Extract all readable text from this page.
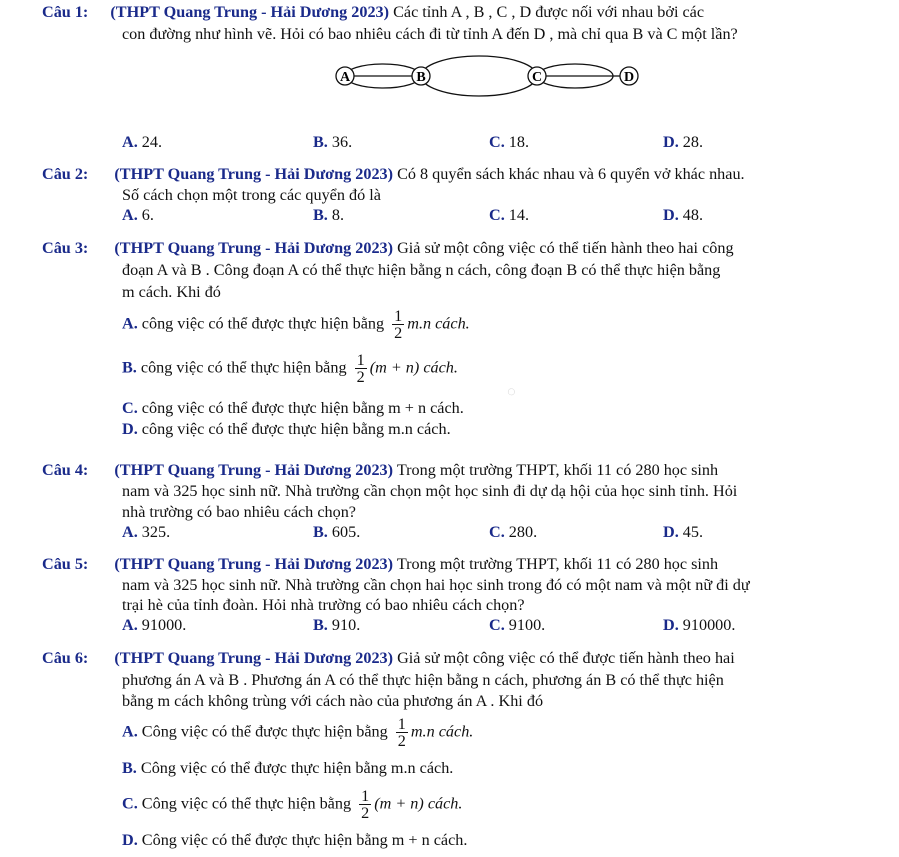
Câu 1: (THPT Quang Trung - Hải Dương 2023) Các tỉnh A , B , C , D được nối với nhau bởi các
con đường như hình vẽ. Hỏi có bao nhiêu cách đi từ tỉnh A đến D , mà chỉ qua B và C một lần?
A	B	C	D
A. 24.	B. 36.	C. 18.	D. 28.
Câu 2: (THPT Quang Trung - Hải Dương 2023) Có 8 quyển sách khác nhau và 6 quyển vở khác nhau.
Số cách chọn một trong các quyển đó là
A. 6.	B. 8.	C. 14.	D. 48.
Câu 3: (THPT Quang Trung - Hải Dương 2023) Giả sử một công việc có thể tiến hành theo hai công
đoạn A và B . Công đoạn A có thể thực hiện bằng n cách, công đoạn B có thể thực hiện bằng
m cách. Khi đó
A. công việc có thể được thực hiện bằng $\frac{1}{2} m.n$ cách.
B. công việc có thể thực hiện bằng $\frac{1}{2} (m + n)$ cách.
C. công việc có thể được thực hiện bằng m + n cách.
D. công việc có thể được thực hiện bằng m.n cách.
○
Câu 4: (THPT Quang Trung - Hải Dương 2023) Trong một trường THPT, khối 11 có 280 học sinh
nam và 325 học sinh nữ. Nhà trường cần chọn một học sinh đi dự dạ hội của học sinh tỉnh. Hỏi
nhà trường có bao nhiêu cách chọn?
A. 325.	B. 605.	C. 280.	D. 45.
Câu 5: (THPT Quang Trung - Hải Dương 2023) Trong một trường THPT, khối 11 có 280 học sinh
nam và 325 học sinh nữ. Nhà trường cần chọn hai học sinh trong đó có một nam và một nữ đi dự
trại hè của tỉnh đoàn. Hỏi nhà trường có bao nhiêu cách chọn?
A. 91000.	B. 910.	C. 9100.	D. 910000.
Câu 6: (THPT Quang Trung - Hải Dương 2023) Giả sử một công việc có thể được tiến hành theo hai
phương án A và B . Phương án A có thể thực hiện bằng n cách, phương án B có thể thực hiện
bằng m cách không trùng với cách nào của phương án A . Khi đó
A. Công việc có thể được thực hiện bằng $\frac{1}{2} m.n$ cách.
B. Công việc có thể được thực hiện bằng m.n cách.
C. Công việc có thể thực hiện bằng $\frac{1}{2} (m + n)$ cách.
D. Công việc có thể được thực hiện bằng m + n cách.
